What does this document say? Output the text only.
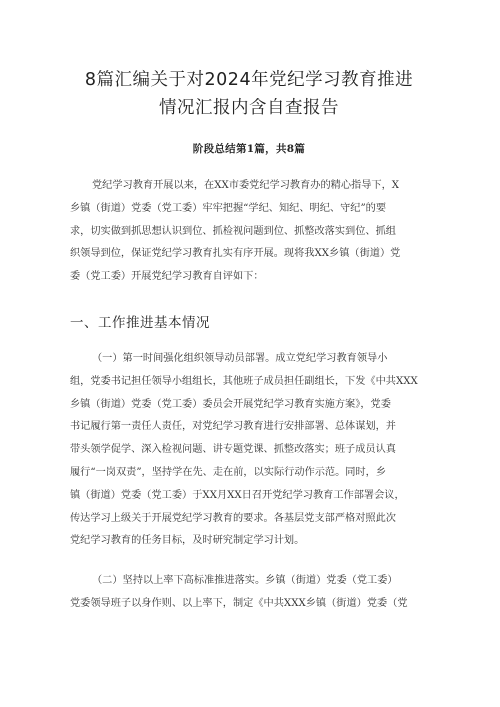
8篇汇编关于对2024年党纪学习教育推进
情况汇报内含自查报告
阶段总结第1篇，共8篇
党纪学习教育开展以来，在XX市委党纪学习教育办的精心指导下，X
乡镇（街道）党委（党工委）牢牢把握“学纪、知纪、明纪、守纪”的要
求，切实做到抓思想认识到位、抓检视问题到位、抓整改落实到位、抓组
织领导到位，保证党纪学习教育扎实有序开展。现将我XX乡镇（街道）党
委（党工委）开展党纪学习教育自评如下：
一、工作推进基本情况
（一）第一时间强化组织领导动员部署。成立党纪学习教育领导小
组，党委书记担任领导小组组长，其他班子成员担任副组长，下发《中共XXX
乡镇（街道）党委（党工委）委员会开展党纪学习教育实施方案》，党委
书记履行第一责任人责任，对党纪学习教育进行安排部署、总体谋划，并
带头领学促学、深入检视问题、讲专题党课、抓整改落实；班子成员认真
履行“一岗双责”，坚持学在先、走在前，以实际行动作示范。同时，乡
镇（街道）党委（党工委）于XX月XX日召开党纪学习教育工作部署会议，
传达学习上级关于开展党纪学习教育的要求。各基层党支部严格对照此次
党纪学习教育的任务目标，及时研究制定学习计划。
（二）坚持以上率下高标准推进落实。乡镇（街道）党委（党工委）
党委领导班子以身作则、以上率下，制定《中共XXX乡镇（街道）党委（党
